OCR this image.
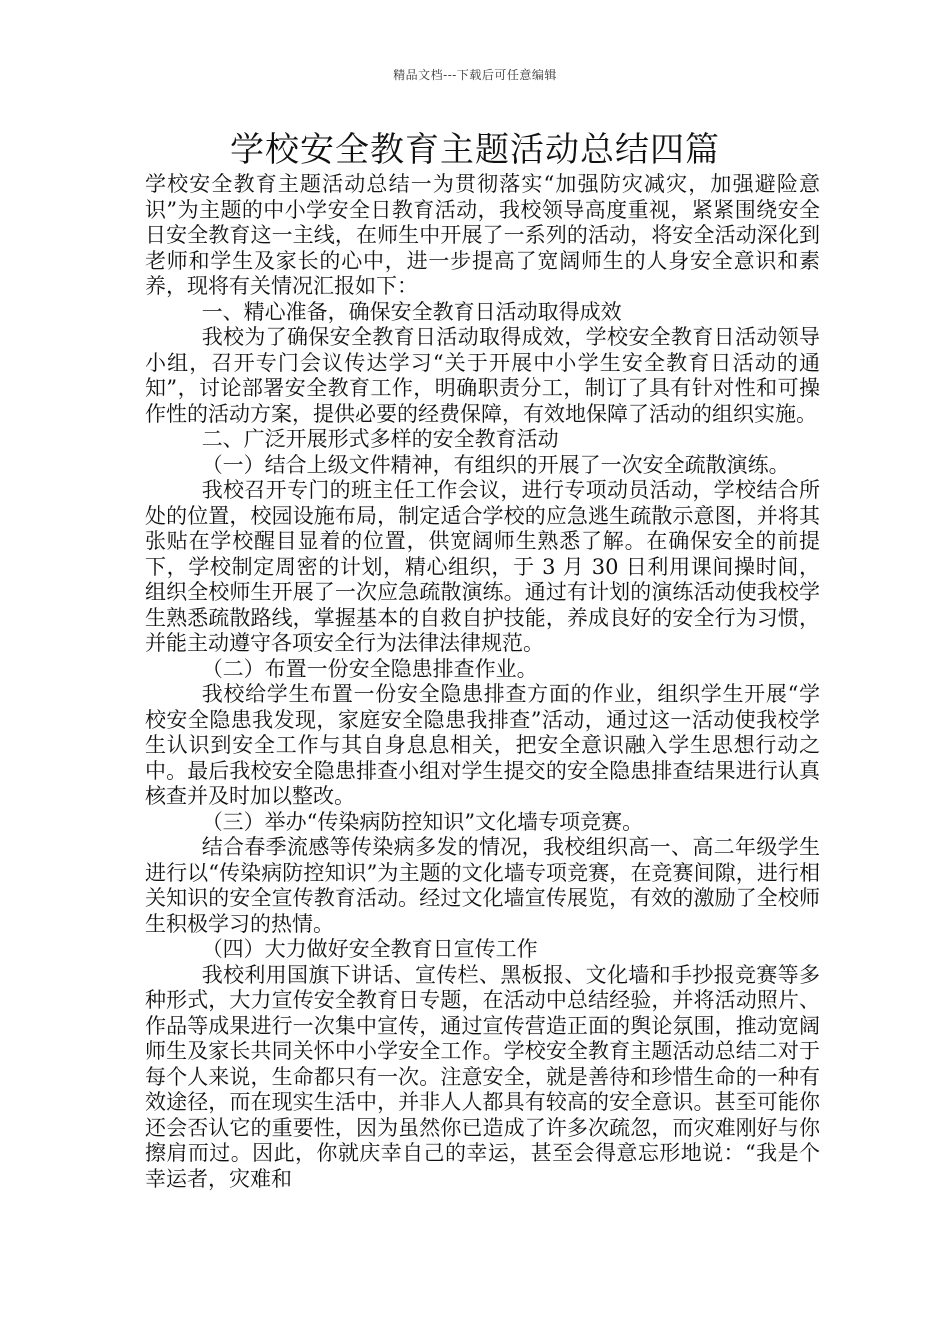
精品文档---下载后可任意编辑
学校安全教育主题活动总结四篇

学校安全教育主题活动总结一为贯彻落实“加强防灾减灾，加强避险意识”为主题的中小学安全日教育活动，我校领导高度重视，紧紧围绕安全日安全教育这一主线，在师生中开展了一系列的活动，将安全活动深化到老师和学生及家长的心中，进一步提高了宽阔师生的人身安全意识和素养，现将有关情况汇报如下：

一、精心准备，确保安全教育日活动取得成效

我校为了确保安全教育日活动取得成效，学校安全教育日活动领导小组，召开专门会议传达学习“关于开展中小学生安全教育日活动的通知”，讨论部署安全教育工作，明确职责分工，制订了具有针对性和可操作性的活动方案，提供必要的经费保障，有效地保障了活动的组织实施。

二、广泛开展形式多样的安全教育活动

（一）结合上级文件精神，有组织的开展了一次安全疏散演练。

我校召开专门的班主任工作会议，进行专项动员活动，学校结合所处的位置，校园设施布局，制定适合学校的应急逃生疏散示意图，并将其张贴在学校醒目显着的位置，供宽阔师生熟悉了解。在确保安全的前提下，学校制定周密的计划，精心组织，于 3 月 30 日利用课间操时间，组织全校师生开展了一次应急疏散演练。通过有计划的演练活动使我校学生熟悉疏散路线，掌握基本的自救自护技能，养成良好的安全行为习惯，并能主动遵守各项安全行为法律法律规范。

（二）布置一份安全隐患排查作业。

我校给学生布置一份安全隐患排查方面的作业，组织学生开展“学校安全隐患我发现，家庭安全隐患我排查”活动，通过这一活动使我校学生认识到安全工作与其自身息息相关，把安全意识融入学生思想行动之中。最后我校安全隐患排查小组对学生提交的安全隐患排查结果进行认真核查并及时加以整改。

（三）举办“传染病防控知识”文化墙专项竞赛。

结合春季流感等传染病多发的情况，我校组织高一、高二年级学生进行以“传染病防控知识”为主题的文化墙专项竞赛，在竞赛间隙，进行相关知识的安全宣传教育活动。经过文化墙宣传展览，有效的激励了全校师生积极学习的热情。

（四）大力做好安全教育日宣传工作

我校利用国旗下讲话、宣传栏、黑板报、文化墙和手抄报竞赛等多种形式，大力宣传安全教育日专题，在活动中总结经验，并将活动照片、作品等成果进行一次集中宣传，通过宣传营造正面的舆论氛围，推动宽阔师生及家长共同关怀中小学安全工作。学校安全教育主题活动总结二对于每个人来说，生命都只有一次。注意安全，就是善待和珍惜生命的一种有效途径，而在现实生活中，并非人人都具有较高的安全意识。甚至可能你还会否认它的重要性，因为虽然你已造成了许多次疏忽，而灾难刚好与你擦肩而过。因此，你就庆幸自己的幸运，甚至会得意忘形地说：“我是个幸运者，灾难和
